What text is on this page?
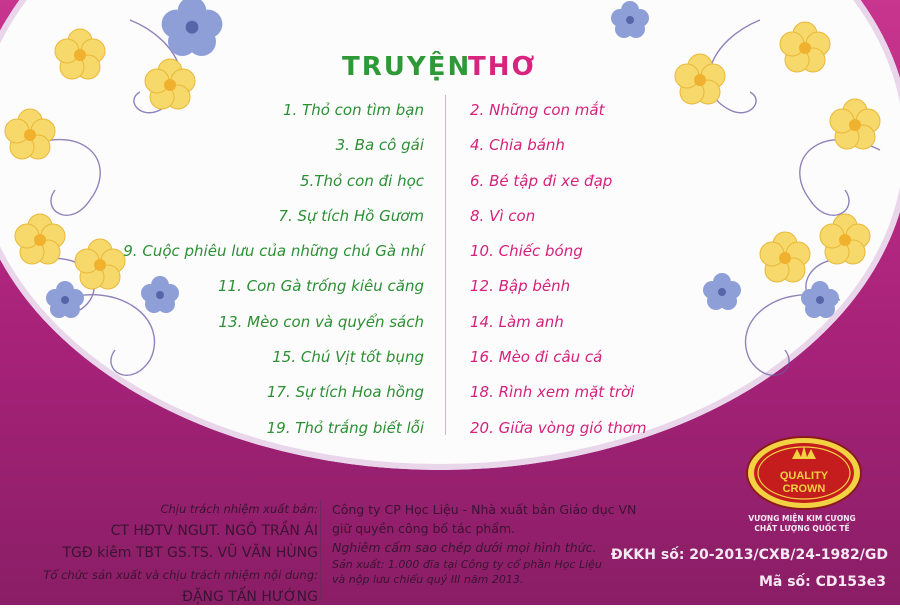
TRUYỆN
THƠ
1. Thỏ con tìm bạn
3. Ba cô gái
5.Thỏ con đi học
7. Sự tích Hồ Gươm
9. Cuộc phiêu lưu của những chú Gà nhí
11. Con Gà trống kiêu căng
13. Mèo con và quyển sách
15. Chú Vịt tốt bụng
17. Sự tích Hoa hồng
19. Thỏ trắng biết lỗi
2. Những con mắt
4. Chia bánh
6. Bé tập đi xe đạp
8. Vì con
10. Chiếc bóng
12. Bập bênh
14. Làm anh
16. Mèo đi câu cá
18. Rình xem mặt trời
20. Giữa vòng gió thơm
QUALITY
CROWN
VƯƠNG MIỆN KIM CƯƠNG
CHẤT LƯỢNG QUỐC TẾ
Chịu trách nhiệm xuất bản:
CT HĐTV NGUT. NGÔ TRẦN ÁI
TGĐ kiêm TBT GS.TS. VŨ VĂN HÙNG
Tổ chức sản xuất và chịu trách nhiệm nội dung:
ĐẶNG TẤN HƯỚNG
Công ty CP Học Liệu - Nhà xuất bản Giáo dục VN
giữ quyền công bố tác phẩm.
Nghiêm cấm sao chép dưới mọi hình thức.
Sản xuất: 1.000 đĩa tại Công ty cổ phần Học Liệu
và nộp lưu chiểu quý III năm 2013.
ĐKKH số: 20-2013/CXB/24-1982/GD
Mã số: CD153e3
